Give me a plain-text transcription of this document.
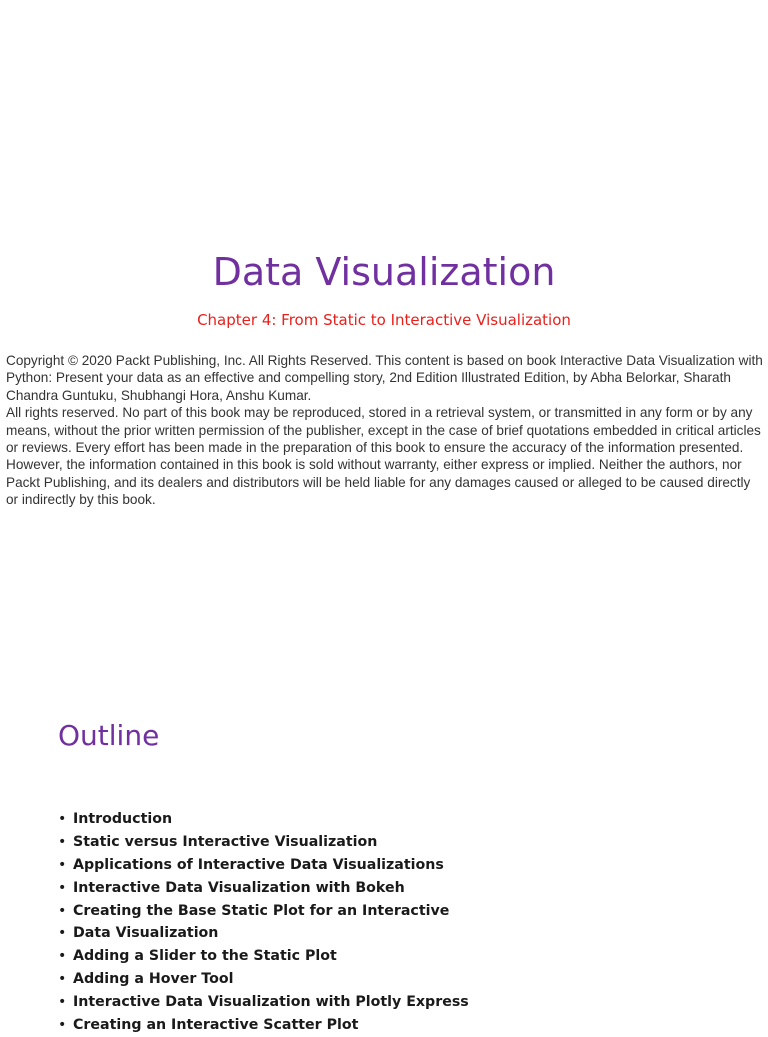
Data Visualization
Chapter 4: From Static to Interactive Visualization

Copyright © 2020 Packt Publishing, Inc. All Rights Reserved. This content is based on book Interactive Data Visualization with Python: Present your data as an effective and compelling story, 2nd Edition Illustrated Edition, by Abha Belorkar, Sharath Chandra Guntuku, Shubhangi Hora, Anshu Kumar.

All rights reserved. No part of this book may be reproduced, stored in a retrieval system, or transmitted in any form or by any means, without the prior written permission of the publisher, except in the case of brief quotations embedded in critical articles or reviews. Every effort has been made in the preparation of this book to ensure the accuracy of the information presented. However, the information contained in this book is sold without warranty, either express or implied. Neither the authors, nor Packt Publishing, and its dealers and distributors will be held liable for any damages caused or alleged to be caused directly or indirectly by this book.

Outline
• Introduction
• Static versus Interactive Visualization
• Applications of Interactive Data Visualizations
• Interactive Data Visualization with Bokeh
• Creating the Base Static Plot for an Interactive
• Data Visualization
• Adding a Slider to the Static Plot
• Adding a Hover Tool
• Interactive Data Visualization with Plotly Express
• Creating an Interactive Scatter Plot
